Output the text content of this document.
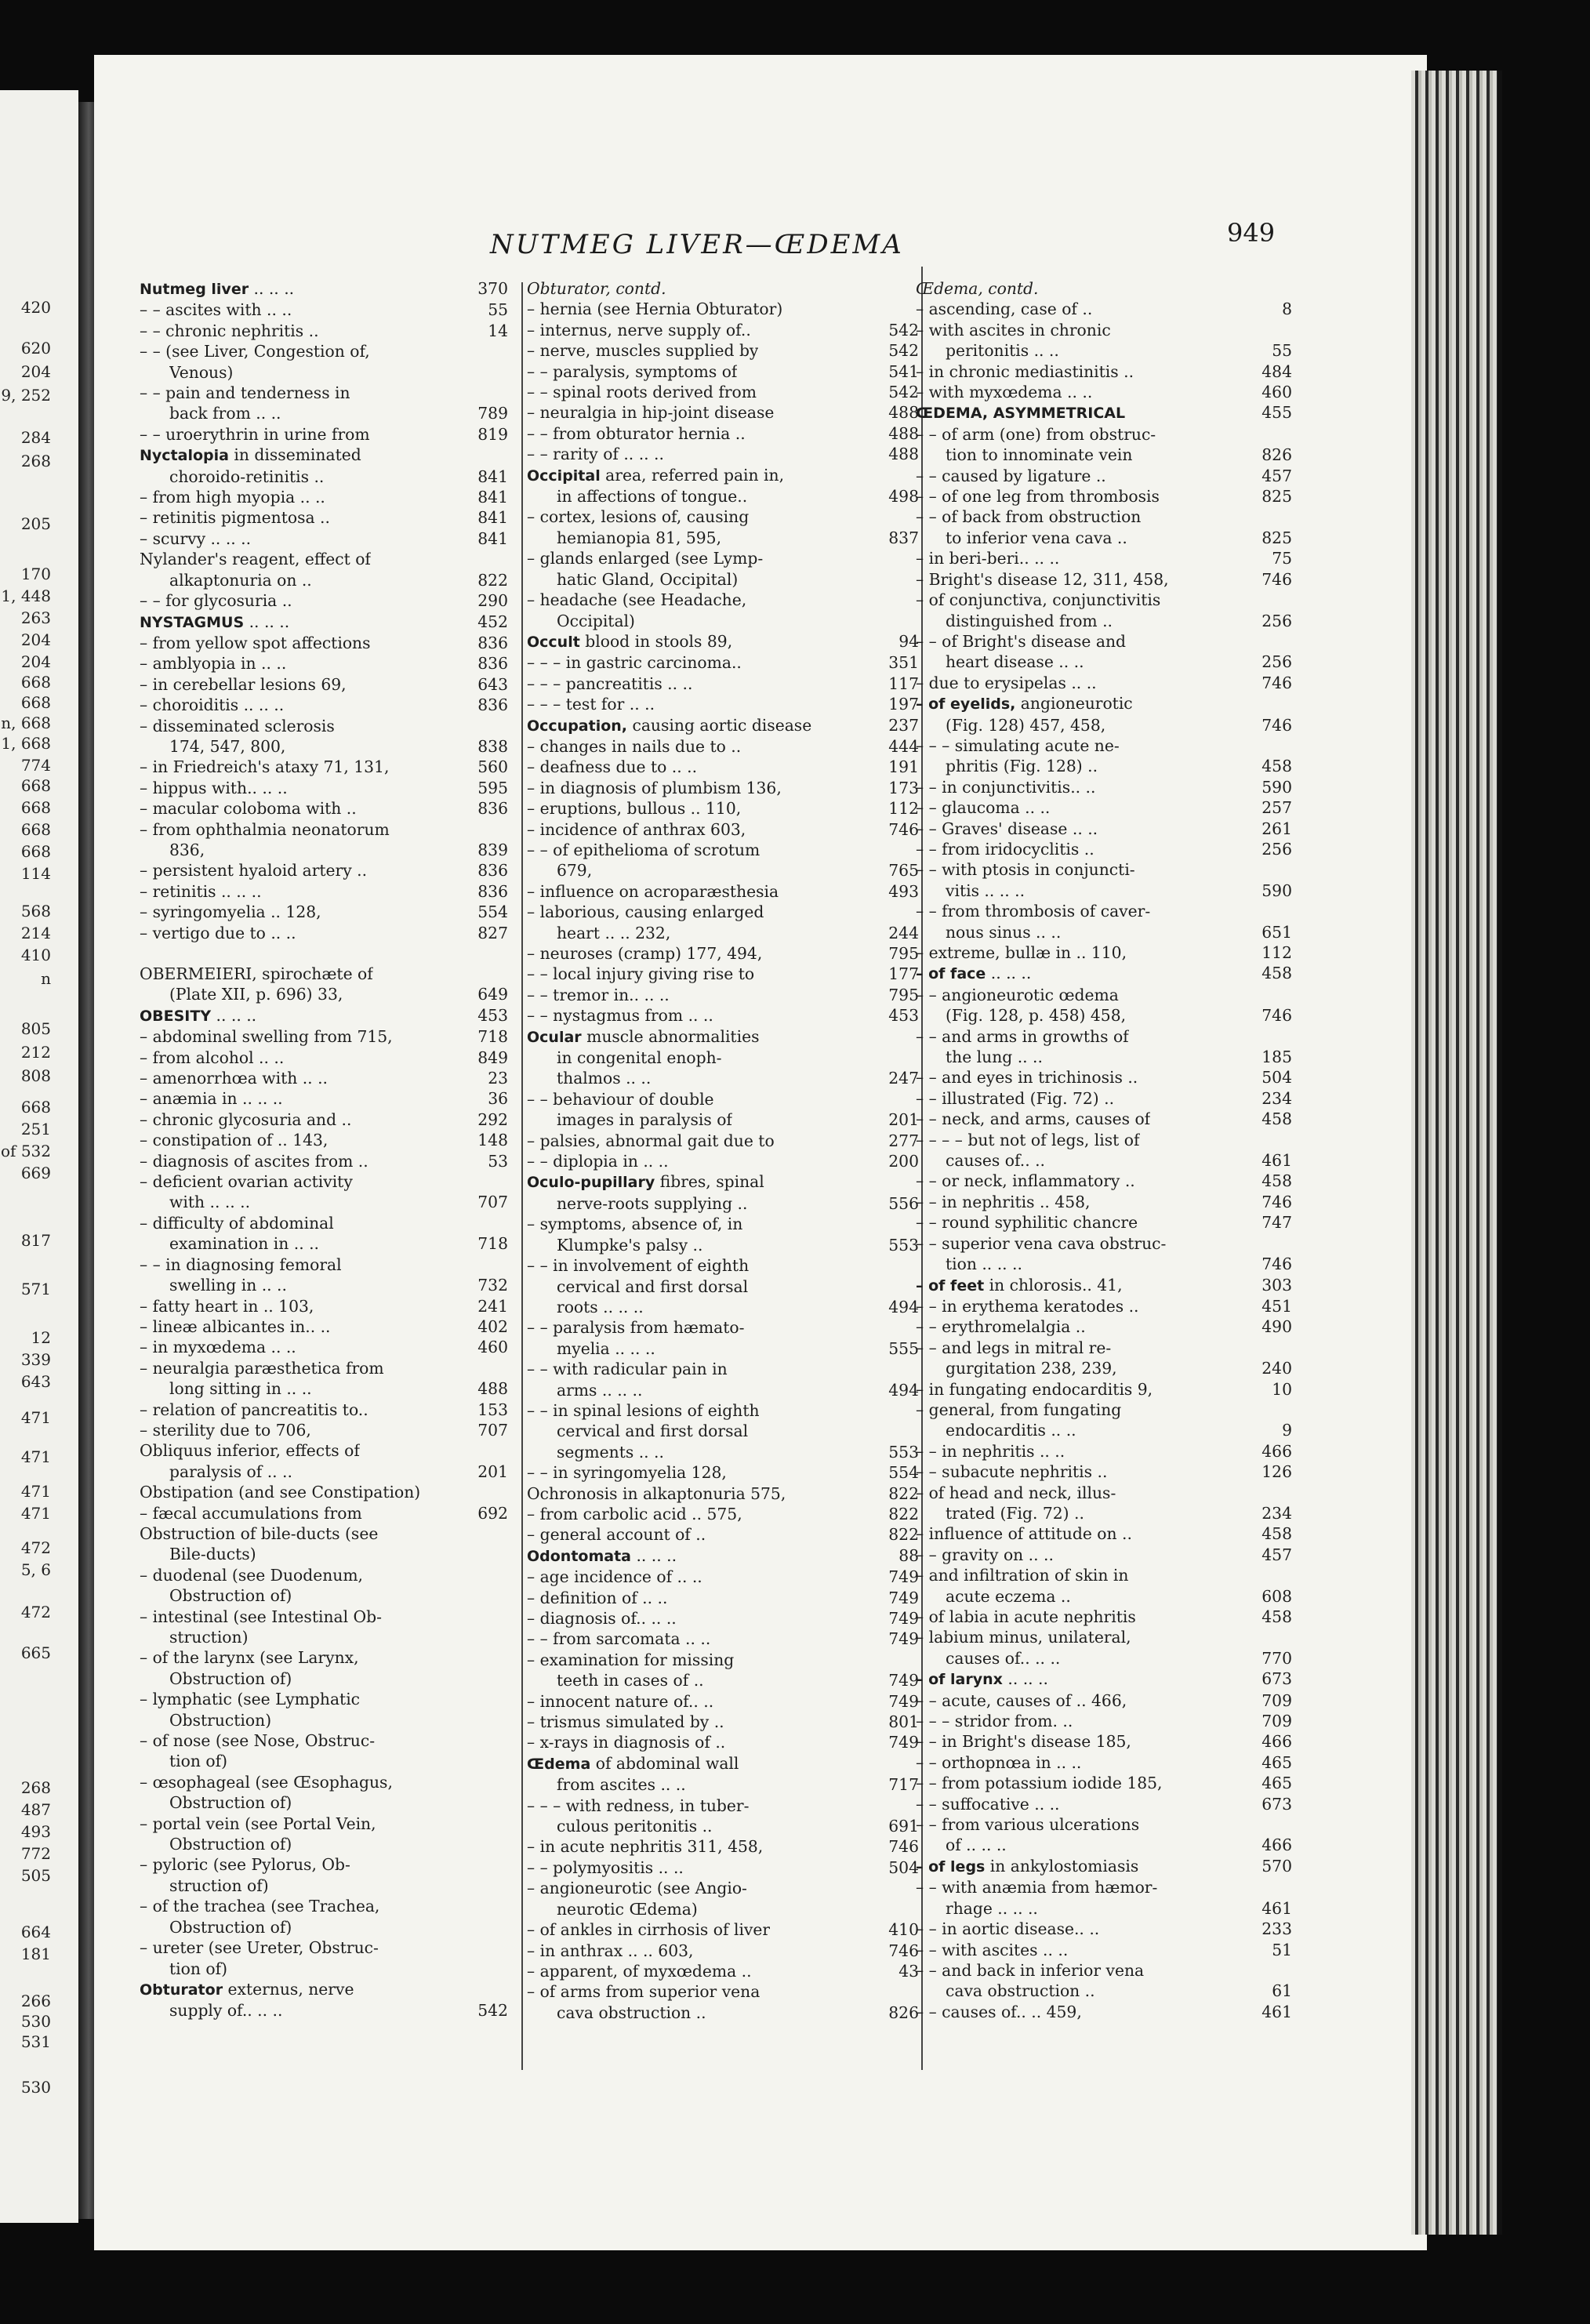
420
620
204
9, 252
284
268
205
170
1, 448
263
204
204
668
668
n, 668
1, 668
774
668
668
668
668
114
568
214
410
n
805
212
808
668
251
of 532
669
817
571
12
339
643
471
471
471
471
472
5, 6
472
665
268
487
493
772
505
664
181
266
530
531
530
NUTMEG LIVER—ŒDEMA	949
Nutmeg liver .. .. ..	370
– – ascites with .. ..	55
– – chronic nephritis ..	14
– – (see Liver, Congestion of,
Venous)
– – pain and tenderness in
back from .. ..	789
– – uroerythrin in urine from	819
Nyctalopia in disseminated
choroido-retinitis ..	841
– from high myopia .. ..	841
– retinitis pigmentosa ..	841
– scurvy .. .. ..	841
Nylander's reagent, effect of
alkaptonuria on ..	822
– – for glycosuria ..	290
NYSTAGMUS .. .. ..	452
– from yellow spot affections	836
– amblyopia in .. ..	836
– in cerebellar lesions 69,	643
– choroiditis .. .. ..	836
– disseminated sclerosis
174, 547, 800,	838
– in Friedreich's ataxy 71, 131,	560
– hippus with.. .. ..	595
– macular coloboma with ..	836
– from ophthalmia neonatorum
836,	839
– persistent hyaloid artery ..	836
– retinitis .. .. ..	836
– syringomyelia .. 128,	554
– vertigo due to .. ..	827
OBERMEIERI, spirochæte of
(Plate XII, p. 696) 33,	649
OBESITY .. .. ..	453
– abdominal swelling from 715,	718
– from alcohol .. ..	849
– amenorrhœa with .. ..	23
– anæmia in .. .. ..	36
– chronic glycosuria and ..	292
– constipation of .. 143,	148
– diagnosis of ascites from ..	53
– deficient ovarian activity
with .. .. ..	707
– difficulty of abdominal
examination in .. ..	718
– – in diagnosing femoral
swelling in .. ..	732
– fatty heart in .. 103,	241
– lineæ albicantes in.. ..	402
– in myxœdema .. ..	460
– neuralgia paræsthetica from
long sitting in .. ..	488
– relation of pancreatitis to..	153
– sterility due to 706,	707
Obliquus inferior, effects of
paralysis of .. ..	201
Obstipation (and see Constipation)
– fæcal accumulations from	692
Obstruction of bile-ducts (see
Bile-ducts)
– duodenal (see Duodenum,
Obstruction of)
– intestinal (see Intestinal Ob-
struction)
– of the larynx (see Larynx,
Obstruction of)
– lymphatic (see Lymphatic
Obstruction)
– of nose (see Nose, Obstruc-
tion of)
– œsophageal (see Œsophagus,
Obstruction of)
– portal vein (see Portal Vein,
Obstruction of)
– pyloric (see Pylorus, Ob-
struction of)
– of the trachea (see Trachea,
Obstruction of)
– ureter (see Ureter, Obstruc-
tion of)
Obturator externus, nerve
supply of.. .. ..	542
Obturator, contd.
– hernia (see Hernia Obturator)
– internus, nerve supply of..	542
– nerve, muscles supplied by	542
– – paralysis, symptoms of	541
– – spinal roots derived from	542
– neuralgia in hip-joint disease	488
– – from obturator hernia ..	488
– – rarity of .. .. ..	488
Occipital area, referred pain in,
in affections of tongue..	498
– cortex, lesions of, causing
hemianopia 81, 595,	837
– glands enlarged (see Lymp-
hatic Gland, Occipital)
– headache (see Headache,
Occipital)
Occult blood in stools 89,	94
– – – in gastric carcinoma..	351
– – – pancreatitis .. ..	117
– – – test for .. ..	197
Occupation, causing aortic disease	237
– changes in nails due to ..	444
– deafness due to .. ..	191
– in diagnosis of plumbism 136,	173
– eruptions, bullous .. 110,	112
– incidence of anthrax 603,	746
– – of epithelioma of scrotum
679,	765
– influence on acroparæsthesia	493
– laborious, causing enlarged
heart .. .. 232,	244
– neuroses (cramp) 177, 494,	795
– – local injury giving rise to	177
– – tremor in.. .. ..	795
– – nystagmus from .. ..	453
Ocular muscle abnormalities
in congenital enoph-
thalmos .. ..	247
– – behaviour of double
images in paralysis of	201
– palsies, abnormal gait due to	277
– – diplopia in .. ..	200
Oculo-pupillary fibres, spinal
nerve-roots supplying ..	556
– symptoms, absence of, in
Klumpke's palsy ..	553
– – in involvement of eighth
cervical and first dorsal
roots .. .. ..	494
– – paralysis from hæmato-
myelia .. .. ..	555
– – with radicular pain in
arms .. .. ..	494
– – in spinal lesions of eighth
cervical and first dorsal
segments .. ..	553
– – in syringomyelia 128,	554
Ochronosis in alkaptonuria 575,	822
– from carbolic acid .. 575,	822
– general account of ..	822
Odontomata .. .. ..	88
– age incidence of .. ..	749
– definition of .. ..	749
– diagnosis of.. .. ..	749
– – from sarcomata .. ..	749
– examination for missing
teeth in cases of ..	749
– innocent nature of.. ..	749
– trismus simulated by ..	801
– x-rays in diagnosis of ..	749
Œdema of abdominal wall
from ascites .. ..	717
– – – with redness, in tuber-
culous peritonitis ..	691
– in acute nephritis 311, 458,	746
– – polymyositis .. ..	504
– angioneurotic (see Angio-
neurotic Œdema)
– of ankles in cirrhosis of liver	410
– in anthrax .. .. 603,	746
– apparent, of myxœdema ..	43
– of arms from superior vena
cava obstruction ..	826
Œdema, contd.
– ascending, case of ..	8
– with ascites in chronic
peritonitis .. ..	55
– in chronic mediastinitis ..	484
– with myxœdema .. ..	460
ŒDEMA, ASYMMETRICAL	455
– – of arm (one) from obstruc-
tion to innominate vein	826
– – caused by ligature ..	457
– – of one leg from thrombosis	825
– – of back from obstruction
to inferior vena cava ..	825
– in beri-beri.. .. ..	75
– Bright's disease 12, 311, 458,	746
– of conjunctiva, conjunctivitis
distinguished from ..	256
– – of Bright's disease and
heart disease .. ..	256
– due to erysipelas .. ..	746
– of eyelids, angioneurotic
(Fig. 128) 457, 458,	746
– – – simulating acute ne-
phritis (Fig. 128) ..	458
– – in conjunctivitis.. ..	590
– – glaucoma .. ..	257
– – Graves' disease .. ..	261
– – from iridocyclitis ..	256
– – with ptosis in conjuncti-
vitis .. .. ..	590
– – from thrombosis of caver-
nous sinus .. ..	651
– extreme, bullæ in .. 110,	112
– of face .. .. ..	458
– – angioneurotic œdema
(Fig. 128, p. 458) 458,	746
– – and arms in growths of
the lung .. ..	185
– – and eyes in trichinosis ..	504
– – illustrated (Fig. 72) ..	234
– – neck, and arms, causes of	458
– – – – but not of legs, list of
causes of.. ..	461
– – or neck, inflammatory ..	458
– – in nephritis .. 458,	746
– – round syphilitic chancre	747
– – superior vena cava obstruc-
tion .. .. ..	746
– of feet in chlorosis.. 41,	303
– – in erythema keratodes ..	451
– – erythromelalgia ..	490
– – and legs in mitral re-
gurgitation 238, 239,	240
– in fungating endocarditis 9,	10
– general, from fungating
endocarditis .. ..	9
– – in nephritis .. ..	466
– – subacute nephritis ..	126
– of head and neck, illus-
trated (Fig. 72) ..	234
– influence of attitude on ..	458
– – gravity on .. ..	457
– and infiltration of skin in
acute eczema ..	608
– of labia in acute nephritis	458
– labium minus, unilateral,
causes of.. .. ..	770
– of larynx .. .. ..	673
– – acute, causes of .. 466,	709
– – – stridor from. ..	709
– – in Bright's disease 185,	466
– – orthopnœa in .. ..	465
– – from potassium iodide 185,	465
– – suffocative .. ..	673
– – from various ulcerations
of .. .. ..	466
– of legs in ankylostomiasis	570
– – with anæmia from hæmor-
rhage .. .. ..	461
– – in aortic disease.. ..	233
– – with ascites .. ..	51
– – and back in inferior vena
cava obstruction ..	61
– – causes of.. .. 459,	461
